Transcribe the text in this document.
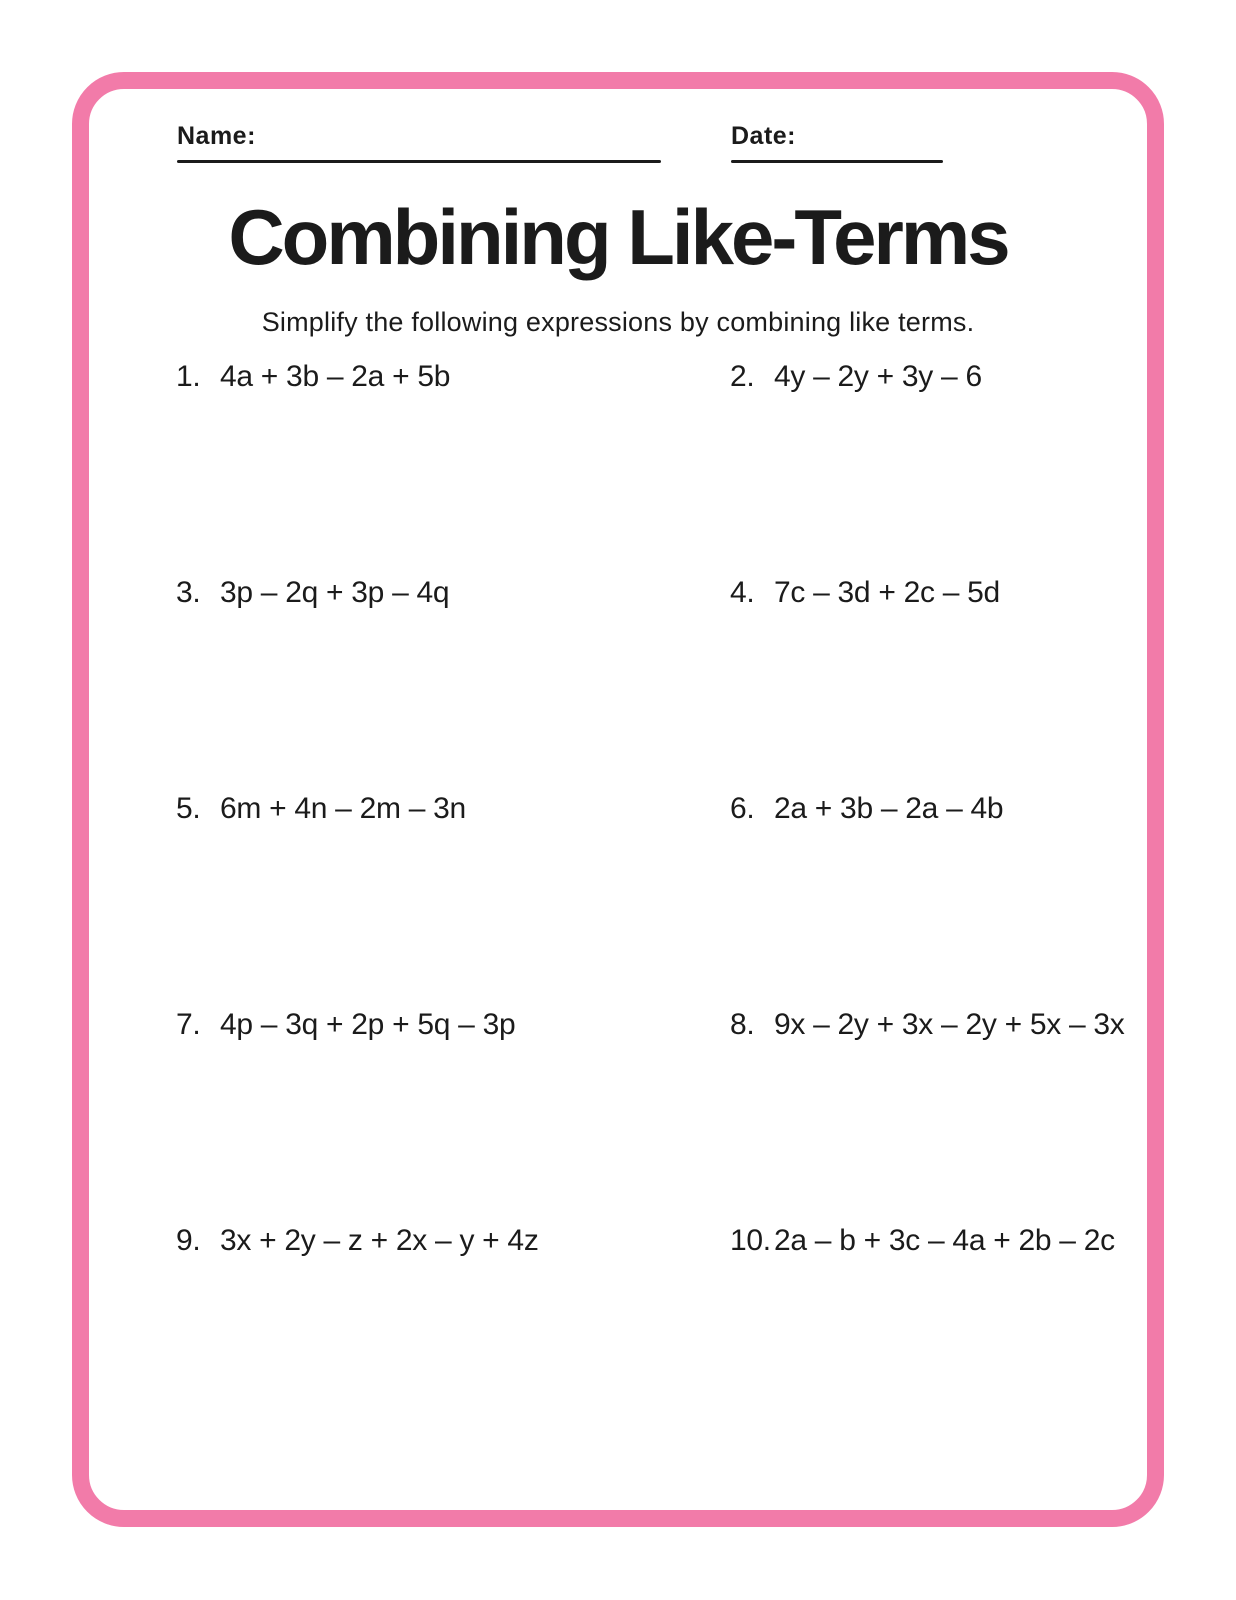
Name:	Date:
Combining Like-Terms

Simplify the following expressions by combining like terms.

1. 4a + 3b – 2a + 5b	2. 4y – 2y + 3y – 6
3. 3p – 2q + 3p – 4q	4. 7c – 3d + 2c – 5d
5. 6m + 4n – 2m – 3n	6. 2a + 3b – 2a – 4b
7. 4p – 3q + 2p + 5q – 3p	8. 9x – 2y + 3x – 2y + 5x – 3x
9. 3x + 2y – z + 2x – y + 4z	10. 2a – b + 3c – 4a + 2b – 2c
